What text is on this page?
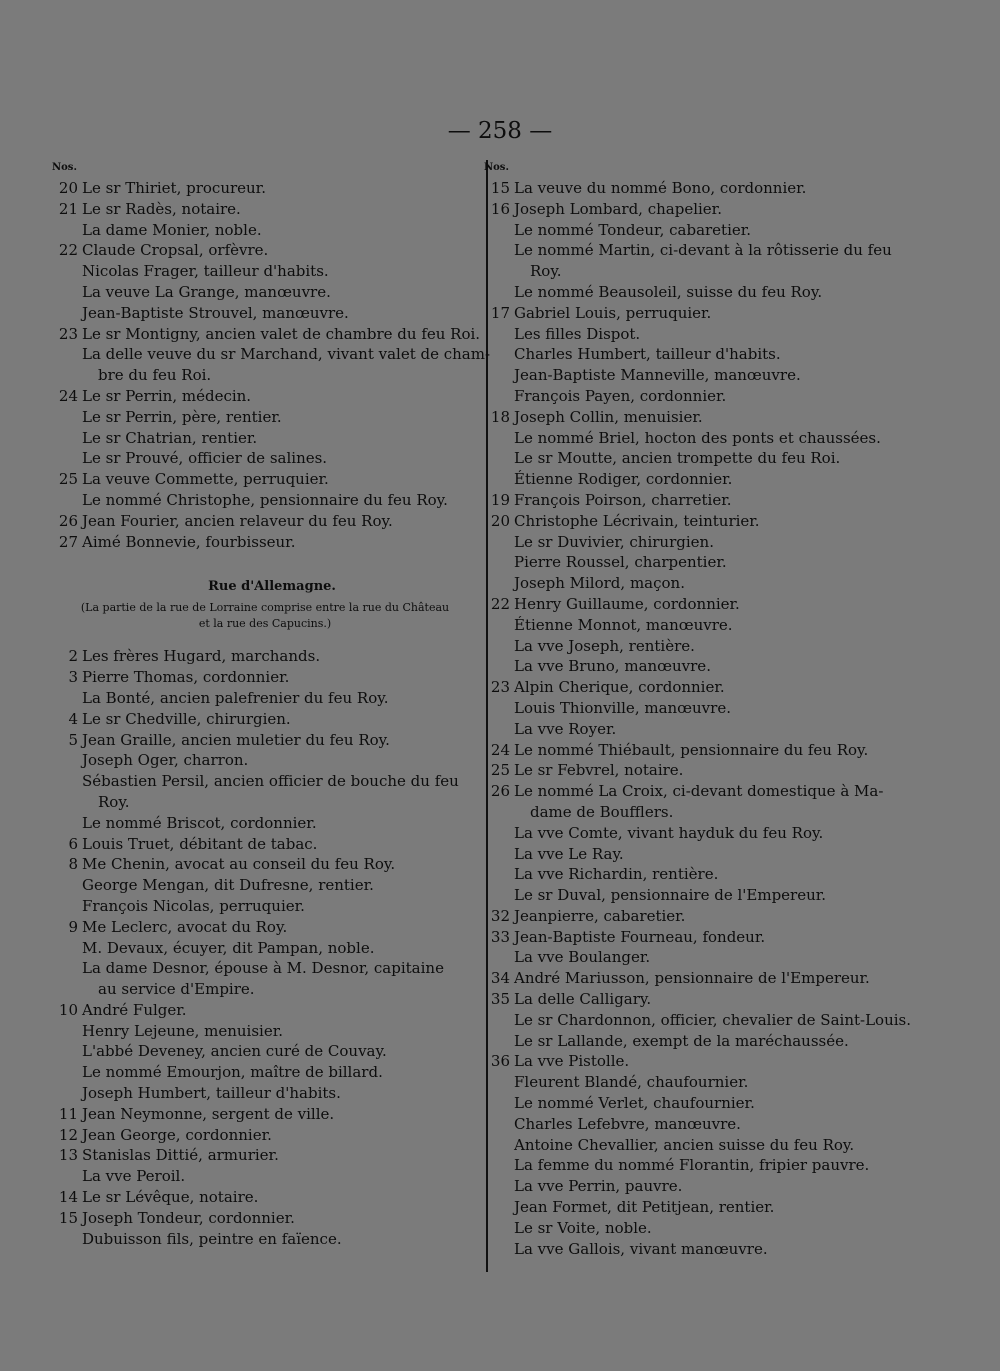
— 258 —
Nos.
20 Le sr Thiriet, procureur.
21 Le sr Radès, notaire.
La dame Monier, noble.
22 Claude Cropsal, orfèvre.
Nicolas Frager, tailleur d'habits.
La veuve La Grange, manœuvre.
Jean-Baptiste Strouvel, manœuvre.
23 Le sr Montigny, ancien valet de chambre du feu Roi.
La delle veuve du sr Marchand, vivant valet de cham-
bre du feu Roi.
24 Le sr Perrin, médecin.
Le sr Perrin, père, rentier.
Le sr Chatrian, rentier.
Le sr Prouvé, officier de salines.
25 La veuve Commette, perruquier.
Le nommé Christophe, pensionnaire du feu Roy.
26 Jean Fourier, ancien relaveur du feu Roy.
27 Aimé Bonnevie, fourbisseur.
Rue d'Allemagne.
(La partie de la rue de Lorraine comprise entre la rue du Château
et la rue des Capucins.)
2 Les frères Hugard, marchands.
3 Pierre Thomas, cordonnier.
La Bonté, ancien palefrenier du feu Roy.
4 Le sr Chedville, chirurgien.
5 Jean Graille, ancien muletier du feu Roy.
Joseph Oger, charron.
Sébastien Persil, ancien officier de bouche du feu
Roy.
Le nommé Briscot, cordonnier.
6 Louis Truet, débitant de tabac.
8 Me Chenin, avocat au conseil du feu Roy.
George Mengan, dit Dufresne, rentier.
François Nicolas, perruquier.
9 Me Leclerc, avocat du Roy.
M. Devaux, écuyer, dit Pampan, noble.
La dame Desnor, épouse à M. Desnor, capitaine
au service d'Empire.
10 André Fulger.
Henry Lejeune, menuisier.
L'abbé Deveney, ancien curé de Couvay.
Le nommé Emourjon, maître de billard.
Joseph Humbert, tailleur d'habits.
11 Jean Neymonne, sergent de ville.
12 Jean George, cordonnier.
13 Stanislas Dittié, armurier.
La vve Peroil.
14 Le sr Lévêque, notaire.
15 Joseph Tondeur, cordonnier.
Dubuisson fils, peintre en faïence.
Nos.
15 La veuve du nommé Bono, cordonnier.
16 Joseph Lombard, chapelier.
Le nommé Tondeur, cabaretier.
Le nommé Martin, ci-devant à la rôtisserie du feu
Roy.
Le nommé Beausoleil, suisse du feu Roy.
17 Gabriel Louis, perruquier.
Les filles Dispot.
Charles Humbert, tailleur d'habits.
Jean-Baptiste Manneville, manœuvre.
François Payen, cordonnier.
18 Joseph Collin, menuisier.
Le nommé Briel, hocton des ponts et chaussées.
Le sr Moutte, ancien trompette du feu Roi.
Étienne Rodiger, cordonnier.
19 François Poirson, charretier.
20 Christophe Lécrivain, teinturier.
Le sr Duvivier, chirurgien.
Pierre Roussel, charpentier.
Joseph Milord, maçon.
22 Henry Guillaume, cordonnier.
Étienne Monnot, manœuvre.
La vve Joseph, rentière.
La vve Bruno, manœuvre.
23 Alpin Cherique, cordonnier.
Louis Thionville, manœuvre.
La vve Royer.
24 Le nommé Thiébault, pensionnaire du feu Roy.
25 Le sr Febvrel, notaire.
26 Le nommé La Croix, ci-devant domestique à Ma-
dame de Boufflers.
La vve Comte, vivant hayduk du feu Roy.
La vve Le Ray.
La vve Richardin, rentière.
Le sr Duval, pensionnaire de l'Empereur.
32 Jeanpierre, cabaretier.
33 Jean-Baptiste Fourneau, fondeur.
La vve Boulanger.
34 André Mariusson, pensionnaire de l'Empereur.
35 La delle Calligary.
Le sr Chardonnon, officier, chevalier de Saint-Louis.
Le sr Lallande, exempt de la maréchaussée.
36 La vve Pistolle.
Fleurent Blandé, chaufournier.
Le nommé Verlet, chaufournier.
Charles Lefebvre, manœuvre.
Antoine Chevallier, ancien suisse du feu Roy.
La femme du nommé Florantin, fripier pauvre.
La vve Perrin, pauvre.
Jean Formet, dit Petitjean, rentier.
Le sr Voite, noble.
La vve Gallois, vivant manœuvre.
